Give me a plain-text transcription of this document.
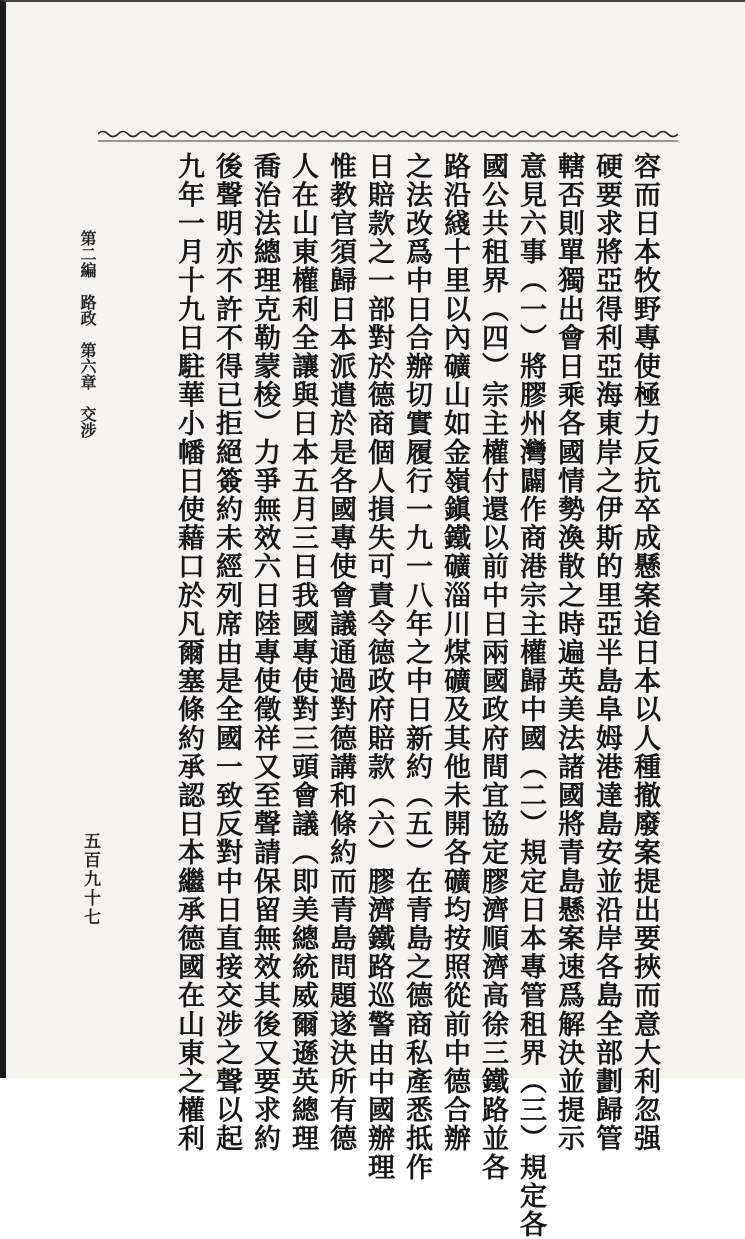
容而日本牧野專使極力反抗卒成懸案迨日本以人種撤廢案提出要挾而意大利忽强
硬要求將亞得利亞海東岸之伊斯的里亞半島阜姆港達島安並沿岸各島全部劃歸管
轄否則單獨出會日乘各國情勢渙散之時遍英美法諸國將青島懸案速爲解決並提示
意見六事（一）將膠州灣闢作商港宗主權歸中國（二）規定日本專管租界（三）規定各
國公共租界（四）宗主權付還以前中日兩國政府間宜協定膠濟順濟高徐三鐵路並各
路沿綫十里以內礦山如金嶺鎭鐵礦淄川煤礦及其他未開各礦均按照從前中德合辦
之法改爲中日合辦切實履行一九一八年之中日新約（五）在青島之德商私產悉抵作
日賠款之一部對於德商個人損失可責令德政府賠款（六）膠濟鐵路巡警由中國辦理
惟教官須歸日本派遣於是各國專使會議通過對德講和條約而青島問題遂決所有德
人在山東權利全讓與日本五月三日我國專使對三頭會議（即美總統威爾遜英總理
喬治法總理克勒蒙梭）力爭無效六日陸專使徵祥又至聲請保留無效其後又要求約
後聲明亦不許不得已拒絕簽約未經列席由是全國一致反對中日直接交涉之聲以起
九年一月十九日駐華小幡日使藉口於凡爾塞條約承認日本繼承德國在山東之權利
第二編　路政　第六章　交涉
五百九十七
